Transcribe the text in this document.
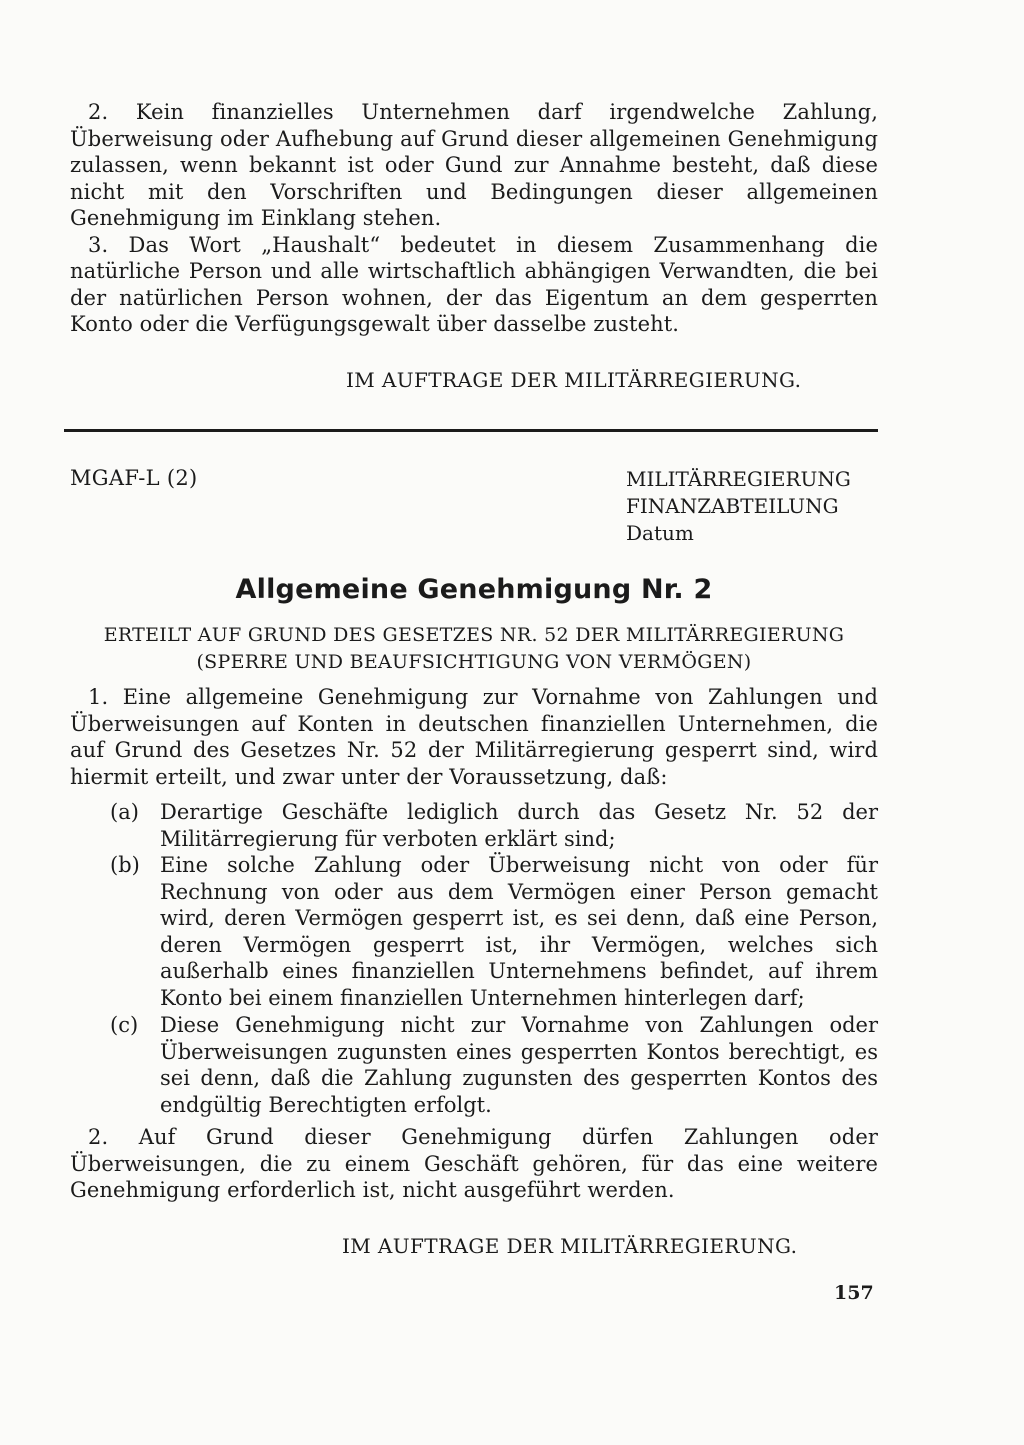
2. Kein finanzielles Unternehmen darf irgendwelche Zahlung, Überweisung oder Aufhebung auf Grund dieser allgemeinen Genehmigung zulassen, wenn bekannt ist oder Gund zur Annahme besteht, daß diese nicht mit den Vorschriften und Bedingungen dieser allgemeinen Genehmigung im Einklang stehen.

3. Das Wort „Haushalt“ bedeutet in diesem Zusammenhang die natürliche Person und alle wirtschaftlich abhängigen Verwandten, die bei der natürlichen Person wohnen, der das Eigentum an dem gesperrten Konto oder die Verfügungsgewalt über dasselbe zusteht.

IM AUFTRAGE DER MILITÄRREGIERUNG.
MGAF-L (2)	MILITÄRREGIERUNG
FINANZABTEILUNG
Datum
Allgemeine Genehmigung Nr. 2
ERTEILT AUF GRUND DES GESETZES NR. 52 DER MILITÄRREGIERUNG (SPERRE UND BEAUFSICHTIGUNG VON VERMÖGEN)

1. Eine allgemeine Genehmigung zur Vornahme von Zahlungen und Überweisungen auf Konten in deutschen finanziellen Unternehmen, die auf Grund des Gesetzes Nr. 52 der Militärregierung gesperrt sind, wird hiermit erteilt, und zwar unter der Voraussetzung, daß:

(a) Derartige Geschäfte lediglich durch das Gesetz Nr. 52 der Militärregierung für verboten erklärt sind;
(b) Eine solche Zahlung oder Überweisung nicht von oder für Rechnung von oder aus dem Vermögen einer Person gemacht wird, deren Vermögen gesperrt ist, es sei denn, daß eine Person, deren Vermögen gesperrt ist, ihr Vermögen, welches sich außerhalb eines finanziellen Unternehmens befindet, auf ihrem Konto bei einem finanziellen Unternehmen hinterlegen darf;
(c) Diese Genehmigung nicht zur Vornahme von Zahlungen oder Überweisungen zugunsten eines gesperrten Kontos berechtigt, es sei denn, daß die Zahlung zugunsten des gesperrten Kontos des endgültig Berechtigten erfolgt.

2. Auf Grund dieser Genehmigung dürfen Zahlungen oder Überweisungen, die zu einem Geschäft gehören, für das eine weitere Genehmigung erforderlich ist, nicht ausgeführt werden.

IM AUFTRAGE DER MILITÄRREGIERUNG.
157
